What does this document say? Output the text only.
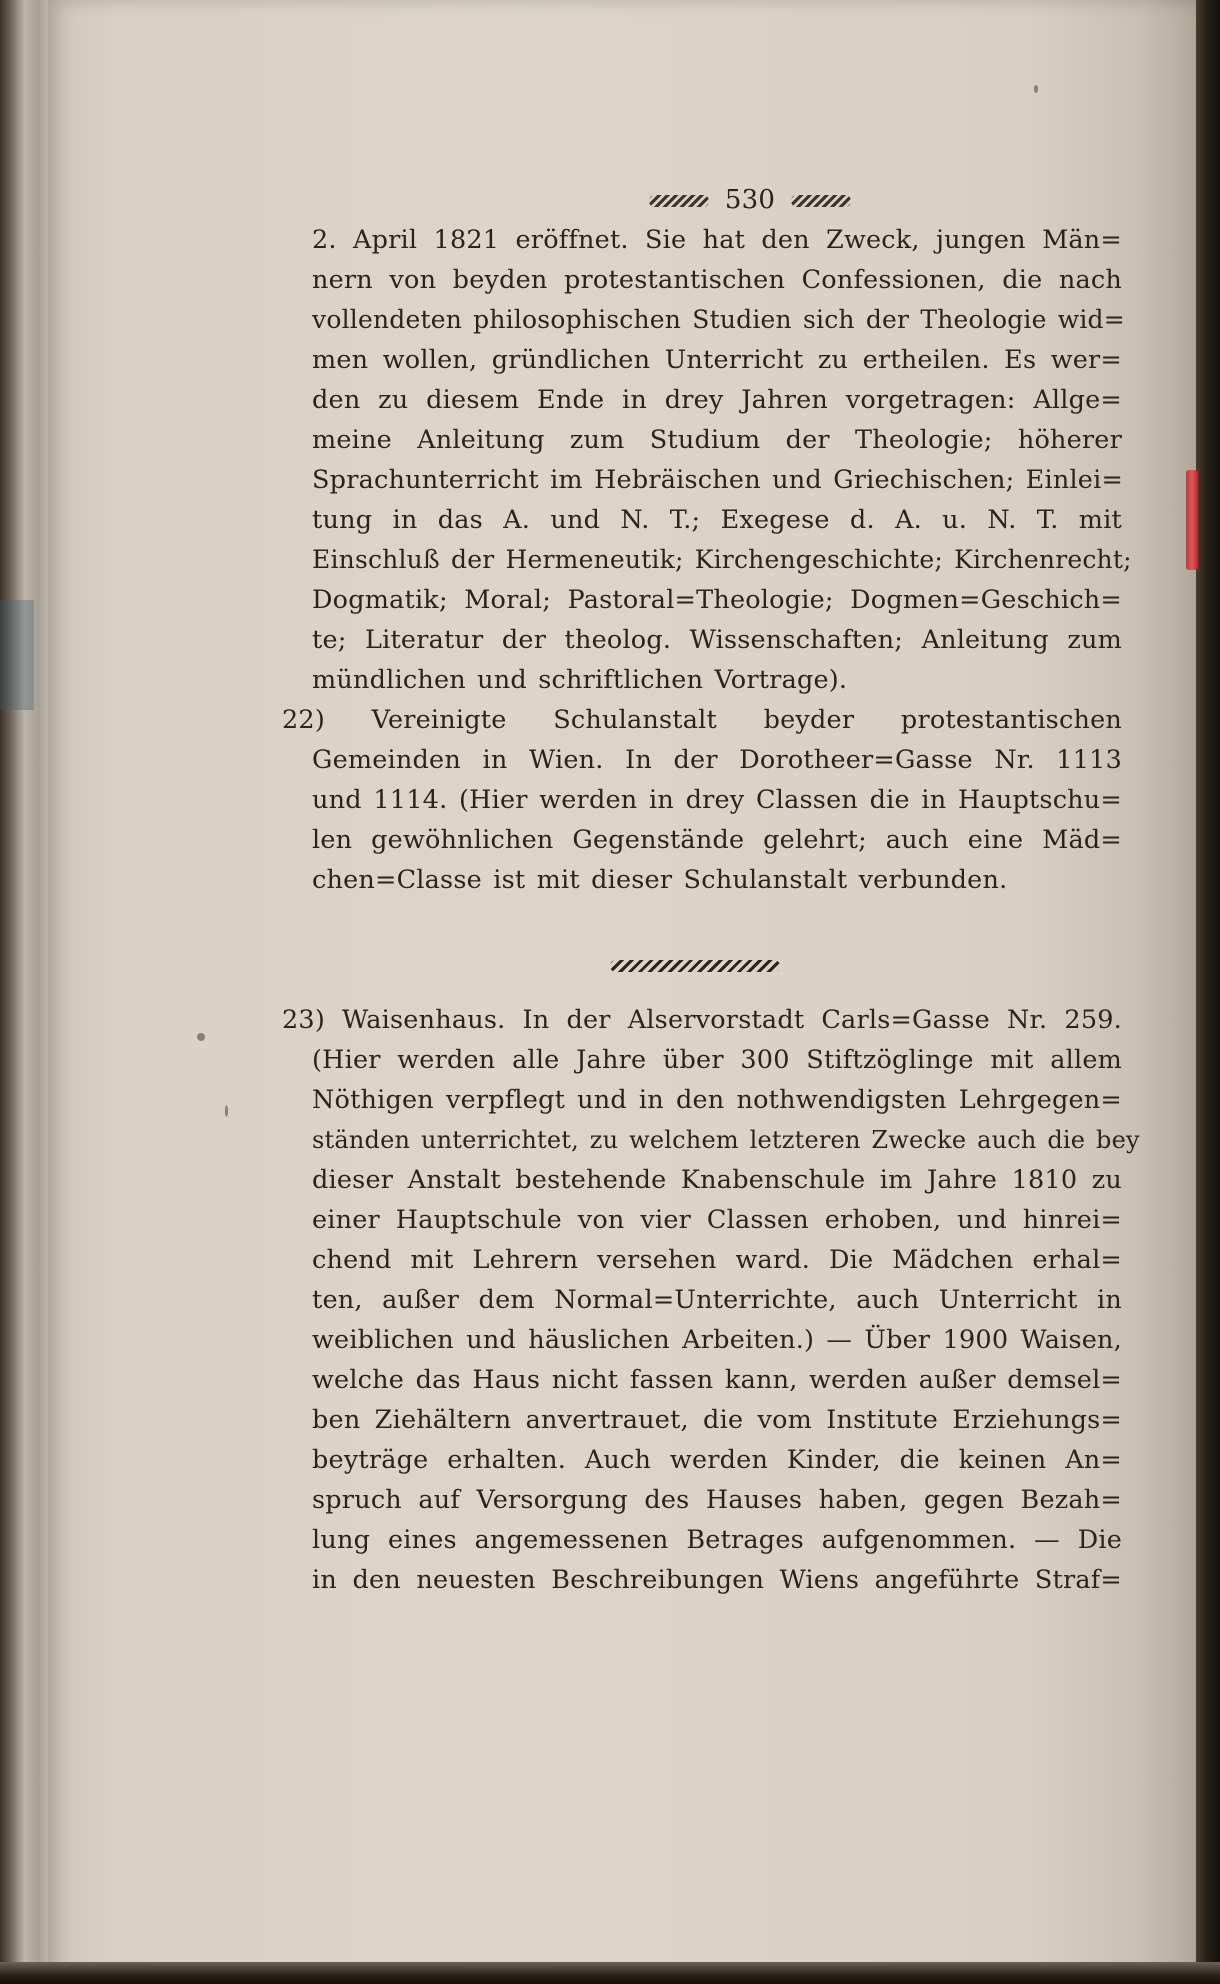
530
2. April 1821 eröffnet. Sie hat den Zweck, jungen Män=
nern von beyden protestantischen Confessionen, die nach
vollendeten philosophischen Studien sich der Theologie wid=
men wollen, gründlichen Unterricht zu ertheilen. Es wer=
den zu diesem Ende in drey Jahren vorgetragen: Allge=
meine Anleitung zum Studium der Theologie; höherer
Sprachunterricht im Hebräischen und Griechischen; Einlei=
tung in das A. und N. T.; Exegese d. A. u. N. T. mit
Einschluß der Hermeneutik; Kirchengeschichte; Kirchenrecht;
Dogmatik; Moral; Pastoral=Theologie; Dogmen=Geschich=
te; Literatur der theolog. Wissenschaften; Anleitung zum
mündlichen und schriftlichen Vortrage).
22) Vereinigte Schulanstalt beyder protestantischen
Gemeinden in Wien. In der Dorotheer=Gasse Nr. 1113
und 1114. (Hier werden in drey Classen die in Hauptschu=
len gewöhnlichen Gegenstände gelehrt; auch eine Mäd=
chen=Classe ist mit dieser Schulanstalt verbunden.
23) Waisenhaus. In der Alservorstadt Carls=Gasse Nr. 259.
(Hier werden alle Jahre über 300 Stiftzöglinge mit allem
Nöthigen verpflegt und in den nothwendigsten Lehrgegen=
ständen unterrichtet, zu welchem letzteren Zwecke auch die bey
dieser Anstalt bestehende Knabenschule im Jahre 1810 zu
einer Hauptschule von vier Classen erhoben, und hinrei=
chend mit Lehrern versehen ward. Die Mädchen erhal=
ten, außer dem Normal=Unterrichte, auch Unterricht in
weiblichen und häuslichen Arbeiten.) — Über 1900 Waisen,
welche das Haus nicht fassen kann, werden außer demsel=
ben Ziehältern anvertrauet, die vom Institute Erziehungs=
beyträge erhalten. Auch werden Kinder, die keinen An=
spruch auf Versorgung des Hauses haben, gegen Bezah=
lung eines angemessenen Betrages aufgenommen. — Die
in den neuesten Beschreibungen Wiens angeführte Straf=
